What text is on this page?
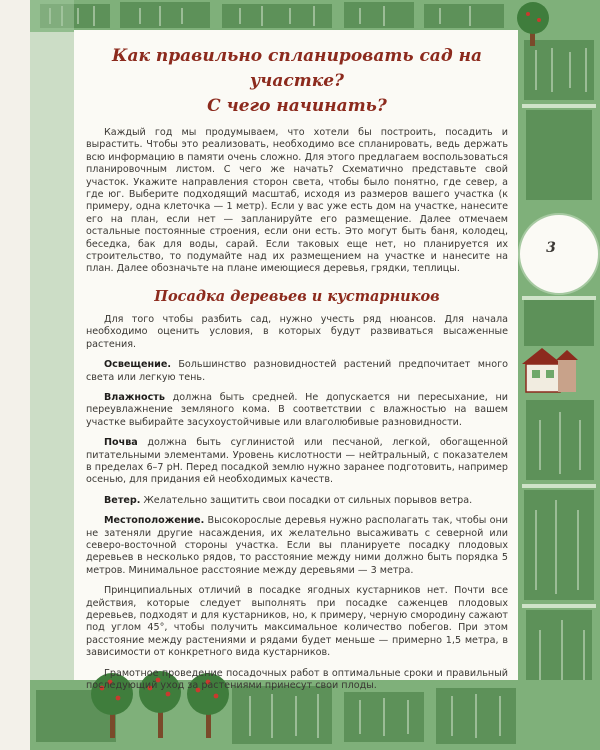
3
Как правильно спланировать сад на участке?
С чего начинать?

Каждый год мы продумываем, что хотели бы построить, посадить и вырастить. Чтобы это реализовать, необходимо все спланировать, ведь держать всю информацию в памяти очень сложно. Для этого предлагаем воспользоваться планировочным листом. С чего же начать? Схематично представьте свой участок. Укажите направления сторон света, чтобы было понятно, где север, а где юг. Выберите подходящий масштаб, исходя из размеров вашего участка (к примеру, одна клеточка — 1 метр). Если у вас уже есть дом на участке, нанесите его на план, если нет — запланируйте его размещение. Далее отмечаем остальные постоянные строения, если они есть. Это могут быть баня, колодец, беседка, бак для воды, сарай. Если таковых еще нет, но планируется их строительство, то подумайте над их размещением на участке и нанесите на план. Далее обозначьте на плане имеющиеся деревья, грядки, теплицы.

Посадка деревьев и кустарников

Для того чтобы разбить сад, нужно учесть ряд нюансов. Для начала необходимо оценить условия, в которых будут развиваться высаженные растения.

Освещение. Большинство разновидностей растений предпочитает много света или легкую тень.

Влажность должна быть средней. Не допускается ни пересыхание, ни переувлажнение земляного кома. В соответствии с влажностью на вашем участке выбирайте засухоустойчивые или влаголюбивые разновидности.

Почва должна быть суглинистой или песчаной, легкой, обогащенной питательными элементами. Уровень кислотности — нейтральный, с показателем в пределах 6–7 pH. Перед посадкой землю нужно заранее подготовить, например осенью, для придания ей необходимых качеств.

Ветер. Желательно защитить свои посадки от сильных порывов ветра.

Местоположение. Высокорослые деревья нужно располагать так, чтобы они не затеняли другие насаждения, их желательно высаживать с северной или северо-восточной стороны участка. Если вы планируете посадку плодовых деревьев в несколько рядов, то расстояние между ними должно быть порядка 5 метров. Минимальное расстояние между деревьями — 3 метра.

Принципиальных отличий в посадке ягодных кустарников нет. Почти все действия, которые следует выполнять при посадке саженцев плодовых деревьев, подходят и для кустарников, но, к примеру, черную смородину сажают под углом 45°, чтобы получить максимальное количество побегов. При этом расстояние между растениями и рядами будет меньше — примерно 1,5 метра, в зависимости от конкретного вида кустарников.

Грамотное проведение посадочных работ в оптимальные сроки и правильный последующий уход за растениями принесут свои плоды.
